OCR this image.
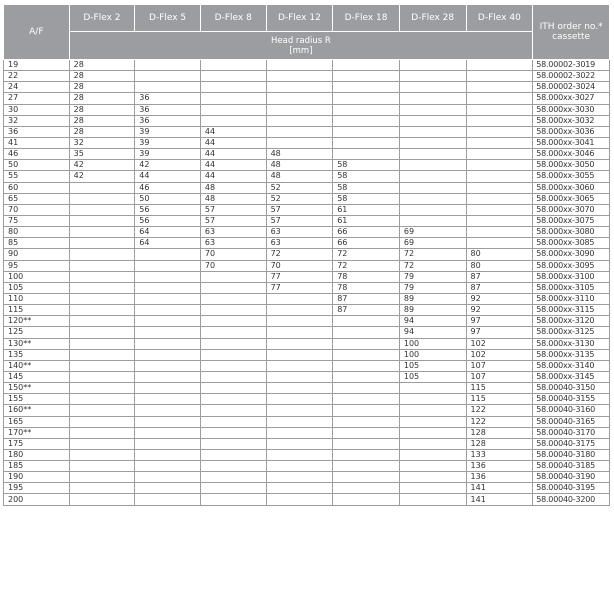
A/F	D-Flex 2	D-Flex 5	D-Flex 8	D-Flex 12	D-Flex 18	D-Flex 28	D-Flex 40	ITH order no.* cassette

	Head radius R
[mm]							

19	28							58.00002-3019
22	28							58.00002-3022
24	28							58.00002-3024
27	28	36						58.000xx-3027
30	28	36						58.000xx-3030
32	28	36						58.000xx-3032
36	28	39	44					58.000xx-3036
41	32	39	44					58.000xx-3041
46	35	39	44	48				58.000xx-3046
50	42	42	44	48	58			58.000xx-3050
55	42	44	44	48	58			58.000xx-3055
60		46	48	52	58			58.000xx-3060
65		50	48	52	58			58.000xx-3065
70		56	57	57	61			58.000xx-3070
75		56	57	57	61			58.000xx-3075
80		64	63	63	66	69		58.000xx-3080
85		64	63	63	66	69		58.000xx-3085
90			70	72	72	72	80	58.000xx-3090
95			70	70	72	72	80	58.000xx-3095
100				77	78	79	87	58.000xx-3100
105				77	78	79	87	58.000xx-3105
110					87	89	92	58.000xx-3110
115					87	89	92	58.000xx-3115
120**						94	97	58.000xx-3120
125						94	97	58.000xx-3125
130**						100	102	58.000xx-3130
135						100	102	58.000xx-3135
140**						105	107	58.000xx-3140
145						105	107	58.000xx-3145
150**							115	58.00040-3150
155							115	58.00040-3155
160**							122	58.00040-3160
165							122	58.00040-3165
170**							128	58.00040-3170
175							128	58.00040-3175
180							133	58.00040-3180
185							136	58.00040-3185
190							136	58.00040-3190
195							141	58.00040-3195
200							141	58.00040-3200
